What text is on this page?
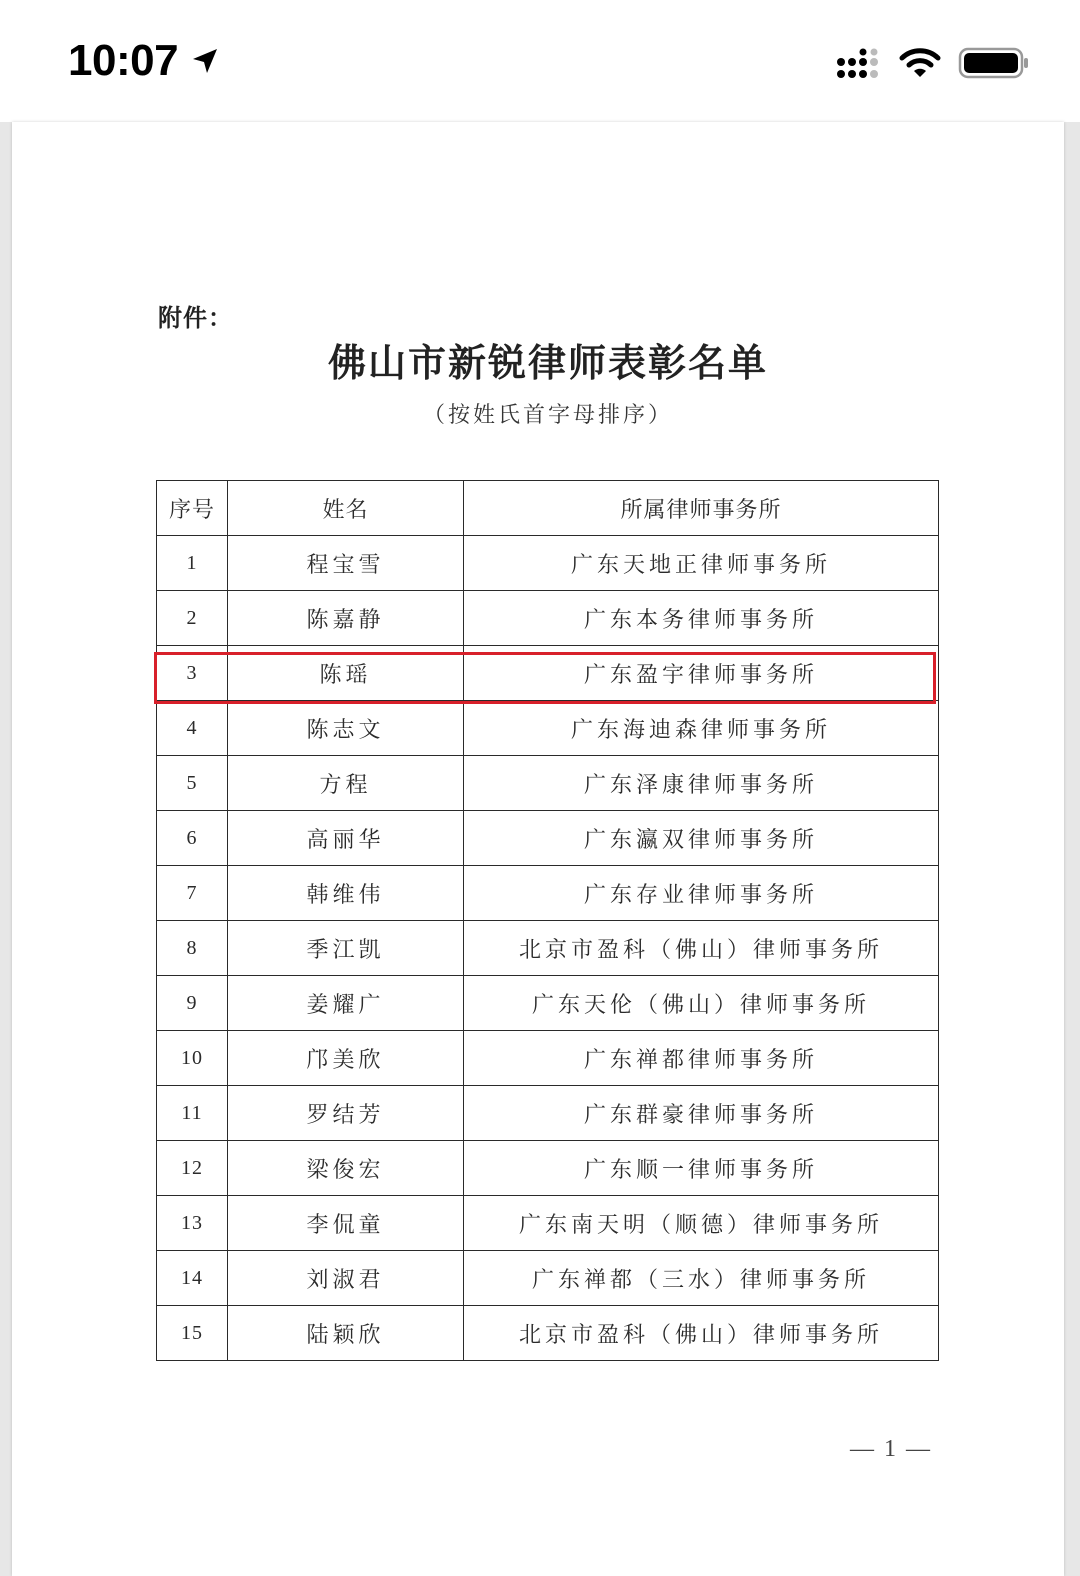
10:07
附件：
佛山市新锐律师表彰名单
（按姓氏首字母排序）
序号	姓名	所属律师事务所
1	程宝雪	广东天地正律师事务所
2	陈嘉静	广东本务律师事务所
3	陈瑶	广东盈宇律师事务所
4	陈志文	广东海迪森律师事务所
5	方程	广东泽康律师事务所
6	高丽华	广东瀛双律师事务所
7	韩维伟	广东存业律师事务所
8	季江凯	北京市盈科（佛山）律师事务所
9	姜耀广	广东天伦（佛山）律师事务所
10	邝美欣	广东禅都律师事务所
11	罗结芳	广东群豪律师事务所
12	梁俊宏	广东顺一律师事务所
13	李侃童	广东南天明（顺德）律师事务所
14	刘淑君	广东禅都（三水）律师事务所
15	陆颖欣	北京市盈科（佛山）律师事务所
— 1 —
